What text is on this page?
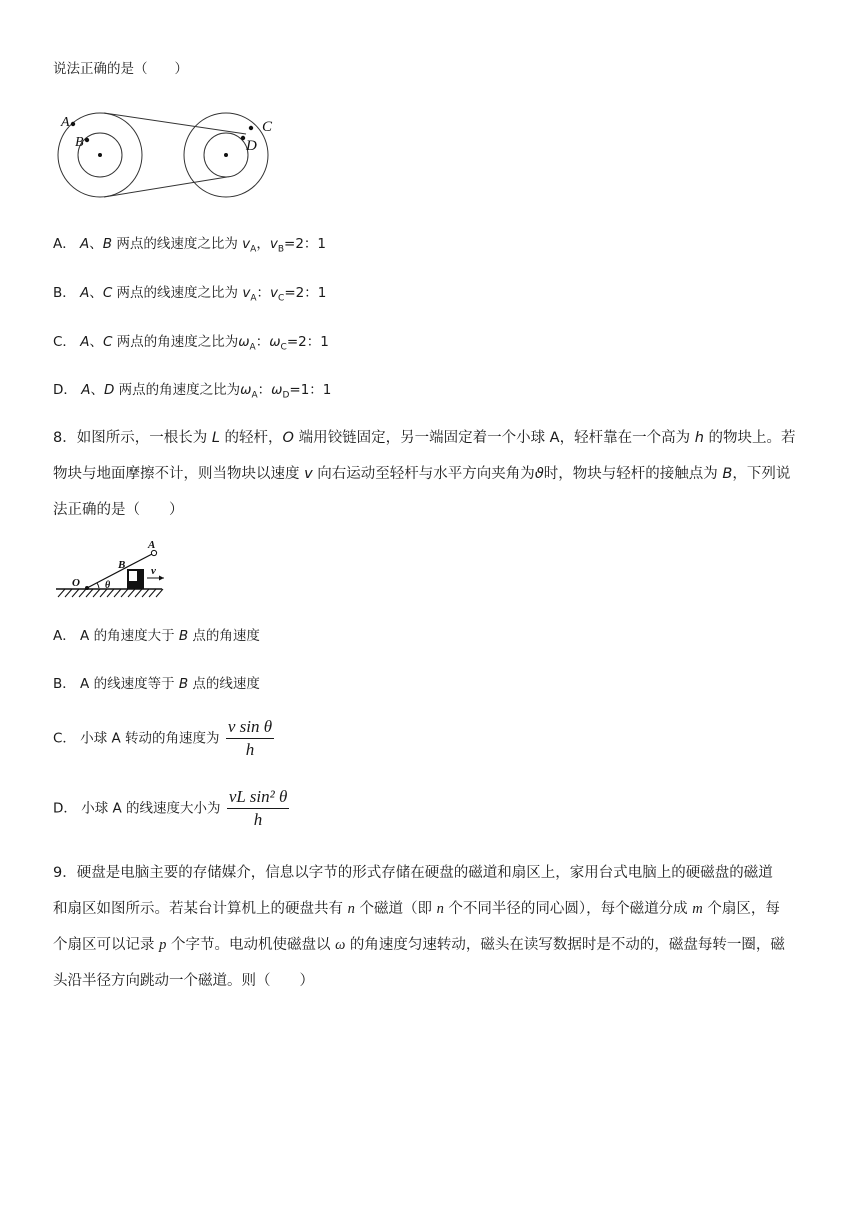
说法正确的是（　　）
A
B
C
D
A． A、B 两点的线速度之比为 $v_A$，$v_B=2$：1
B． A、C 两点的线速度之比为 $v_A$：$v_C=2$：1
C． A、C 两点的角速度之比为$\omega_A$：$\omega_C=2$：1
D． A、D 两点的角速度之比为$\omega_A$：$\omega_D=1$：1
8．如图所示，一根长为 L 的轻杆，O 端用铰链固定，另一端固定着一个小球 A，轻杆靠在一个高为 h 的物块上。若
物块与地面摩擦不计，则当物块以速度 v 向右运动至轻杆与水平方向夹角为ϑ时，物块与轻杆的接触点为 B，下列说
法正确的是（　　）
O	θ
B
A
v
A． A 的角速度大于 B 点的角速度
B． A 的线速度等于 B 点的线速度
C． 小球 A 转动的角速度为 $\frac{\text{v sin θ}}{h}$
D． 小球 A 的线速度大小为 $\frac{\text{vL sin² θ}}{h}$
9．硬盘是电脑主要的存储媒介，信息以字节的形式存储在硬盘的磁道和扇区上，家用台式电脑上的硬磁盘的磁道
和扇区如图所示。若某台计算机上的硬盘共有 n 个磁道（即 n 个不同半径的同心圆），每个磁道分成 m 个扇区，每
个扇区可以记录 p 个字节。电动机使磁盘以 ω 的角速度匀速转动，磁头在读写数据时是不动的，磁盘每转一圈，磁
头沿半径方向跳动一个磁道。则（　　）
